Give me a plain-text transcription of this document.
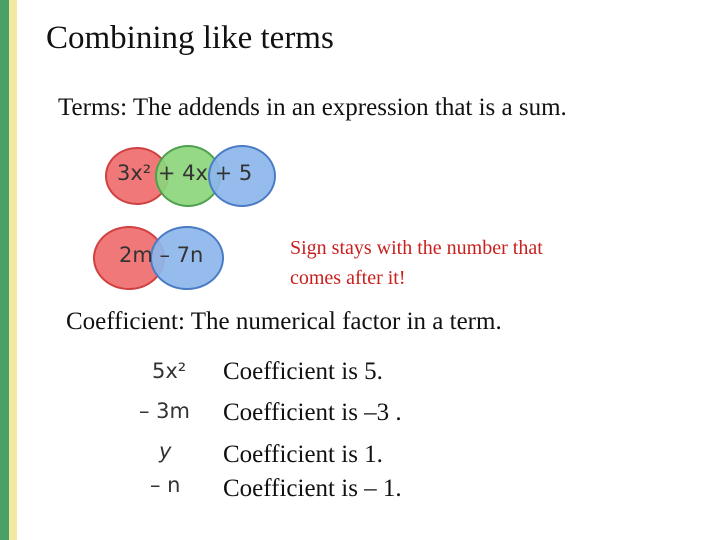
Combining like terms
Terms: The addends in an expression that is a sum.
3x² + 4x + 5
2m – 7n	Sign stays with the number that
comes after it!
Coefficient: The numerical factor in a term.
5x² Coefficient is 5.
– 3m Coefficient is –3 .
y Coefficient is 1.
– n Coefficient is – 1.
